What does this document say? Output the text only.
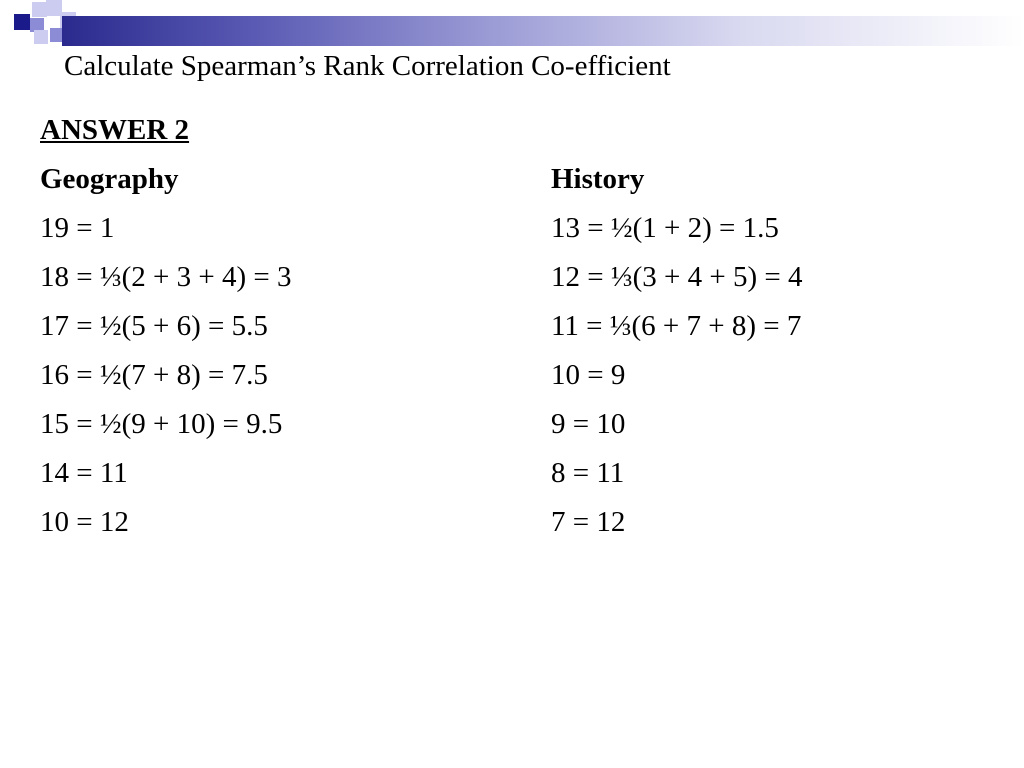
Calculate Spearman’s Rank Correlation Co-efficient
ANSWER 2
Geography	History
19 = 1	13 = ½(1 + 2) = 1.5
18 = ⅓(2 + 3 + 4) = 3	12 = ⅓(3 + 4 + 5) = 4
17 = ½(5 + 6) = 5.5	11 = ⅓(6 + 7 + 8) = 7
16 = ½(7 + 8) = 7.5	10 = 9
15 = ½(9 + 10) = 9.5	9 = 10
14 = 11	8 = 11
10 = 12	7 = 12
